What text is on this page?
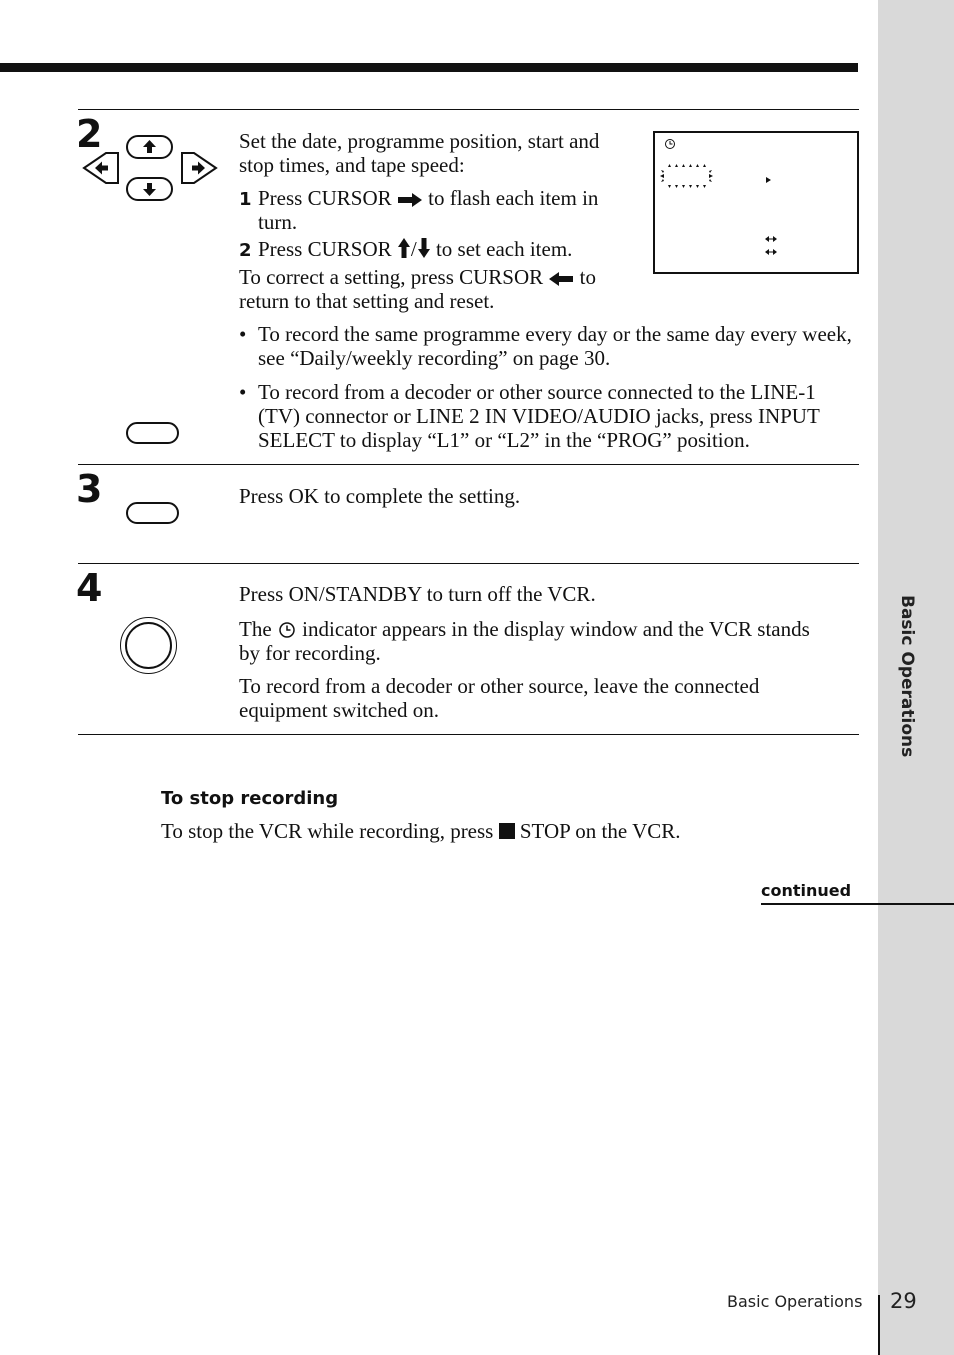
Basic Operations
2	Set the date, programme position, start and stop times, and tape speed:
1 Press CURSOR to flash each item in turn.
2 Press CURSOR / to set each item.
To correct a setting, press CURSOR to return to that setting and reset.
• To record the same programme every day or the same day every week, see “Daily/weekly recording” on page 30.
• To record from a decoder or other source connected to the LINE-1 (TV) connector or LINE 2 IN VIDEO/AUDIO jacks, press INPUT SELECT to display “L1” or “L2” in the “PROG” position.
3	Press OK to complete the setting.
4	Press ON/STANDBY to turn off the VCR.
The indicator appears in the display window and the VCR stands by for recording.
To record from a decoder or other source, leave the connected equipment switched on.
To stop recording
To stop the VCR while recording, press STOP on the VCR.
continued
Basic Operations 29
